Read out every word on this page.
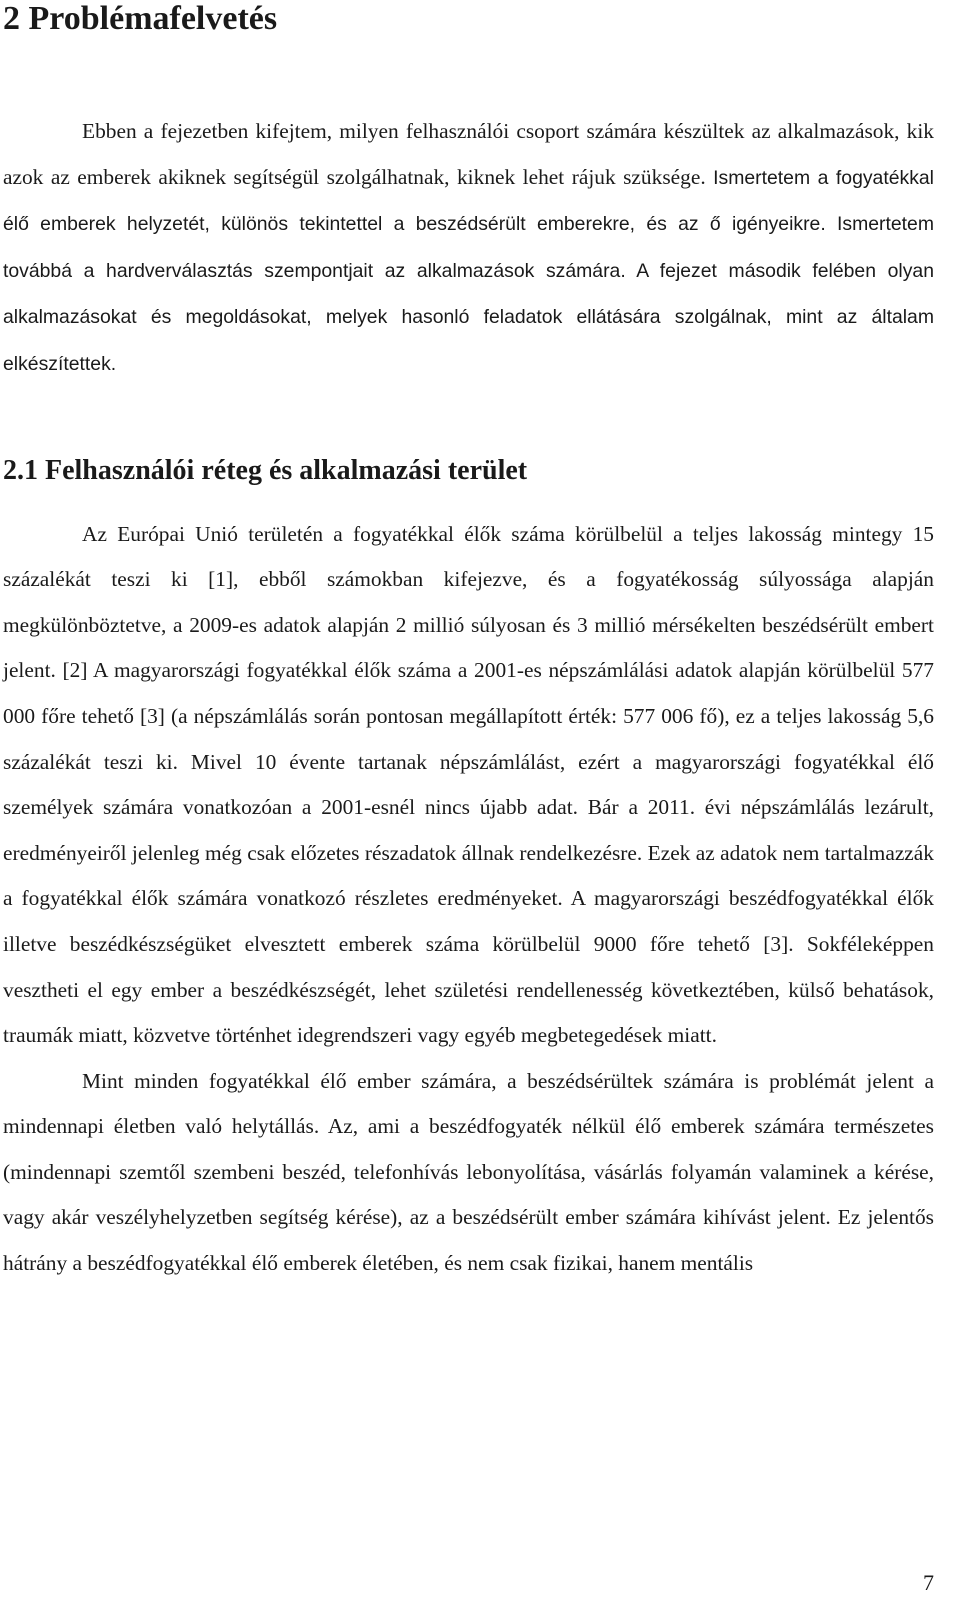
2 Problémafelvetés

Ebben a fejezetben kifejtem, milyen felhasználói csoport számára készültek az alkalmazások, kik azok az emberek akiknek segítségül szolgálhatnak, kiknek lehet rájuk szüksége. Ismertetem a fogyatékkal élő emberek helyzetét, különös tekintettel a beszédsérült emberekre, és az ő igényeikre. Ismertetem továbbá a hardverválasztás szempontjait az alkalmazások számára. A fejezet második felében olyan alkalmazásokat és megoldásokat, melyek hasonló feladatok ellátására szolgálnak, mint az általam elkészítettek.

2.1 Felhasználói réteg és alkalmazási terület

Az Európai Unió területén a fogyatékkal élők száma körülbelül a teljes lakosság mintegy 15 százalékát teszi ki [1], ebből számokban kifejezve, és a fogyatékosság súlyossága alapján megkülönböztetve, a 2009-es adatok alapján 2 millió súlyosan és 3 millió mérsékelten beszédsérült embert jelent. [2] A magyarországi fogyatékkal élők száma a 2001-es népszámlálási adatok alapján körülbelül 577 000 főre tehető [3] (a népszámlálás során pontosan megállapított érték: 577 006 fő), ez a teljes lakosság 5,6 százalékát teszi ki. Mivel 10 évente tartanak népszámlálást, ezért a magyarországi fogyatékkal élő személyek számára vonatkozóan a 2001-esnél nincs újabb adat. Bár a 2011. évi népszámlálás lezárult, eredményeiről jelenleg még csak előzetes részadatok állnak rendelkezésre. Ezek az adatok nem tartalmazzák a fogyatékkal élők számára vonatkozó részletes eredményeket. A magyarországi beszédfogyatékkal élők illetve beszédkészségüket elvesztett emberek száma körülbelül 9000 főre tehető [3]. Sokféleképpen vesztheti el egy ember a beszédkészségét, lehet születési rendellenesség következtében, külső behatások, traumák miatt, közvetve történhet idegrendszeri vagy egyéb megbetegedések miatt.

Mint minden fogyatékkal élő ember számára, a beszédsérültek számára is problémát jelent a mindennapi életben való helytállás. Az, ami a beszédfogyaték nélkül élő emberek számára természetes (mindennapi szemtől szembeni beszéd, telefonhívás lebonyolítása, vásárlás folyamán valaminek a kérése, vagy akár veszélyhelyzetben segítség kérése), az a beszédsérült ember számára kihívást jelent. Ez jelentős hátrány a beszédfogyatékkal élő emberek életében, és nem csak fizikai, hanem mentális

7
